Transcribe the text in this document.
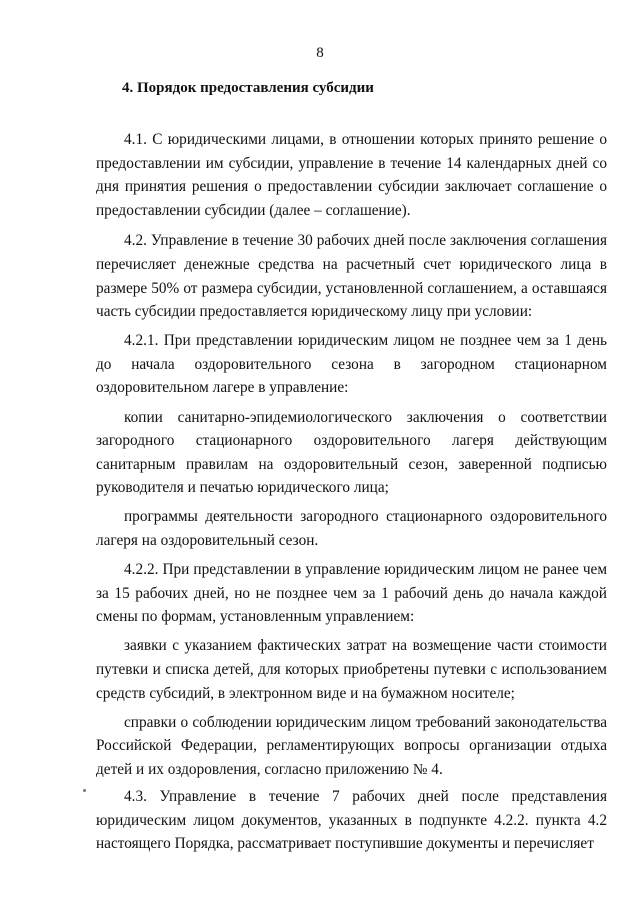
8
4. Порядок предоставления субсидии

4.1. С юридическими лицами, в отношении которых принято решение о предоставлении им субсидии, управление в течение 14 календарных дней со дня принятия решения о предоставлении субсидии заключает соглашение о предоставлении субсидии (далее – соглашение).

4.2. Управление в течение 30 рабочих дней после заключения соглашения перечисляет денежные средства на расчетный счет юридического лица в размере 50% от размера субсидии, установленной соглашением, а оставшаяся часть субсидии предоставляется юридическому лицу при условии:

4.2.1. При представлении юридическим лицом не позднее чем за 1 день до начала оздоровительного сезона в загородном стационарном оздоровительном лагере в управление:

копии санитарно-эпидемиологического заключения о соответствии загородного стационарного оздоровительного лагеря действующим санитарным правилам на оздоровительный сезон, заверенной подписью руководителя и печатью юридического лица;

программы деятельности загородного стационарного оздоровительного лагеря на оздоровительный сезон.

4.2.2. При представлении в управление юридическим лицом не ранее чем за 15 рабочих дней, но не позднее чем за 1 рабочий день до начала каждой смены по формам, установленным управлением:

заявки с указанием фактических затрат на возмещение части стоимости путевки и списка детей, для которых приобретены путевки с использованием средств субсидий, в электронном виде и на бумажном носителе;

справки о соблюдении юридическим лицом требований законодательства Российской Федерации, регламентирующих вопросы организации отдыха детей и их оздоровления, согласно приложению № 4.

4.3. Управление в течение 7 рабочих дней после представления юридическим лицом документов, указанных в подпункте 4.2.2. пункта 4.2 настоящего Порядка, рассматривает поступившие документы и перечисляет
